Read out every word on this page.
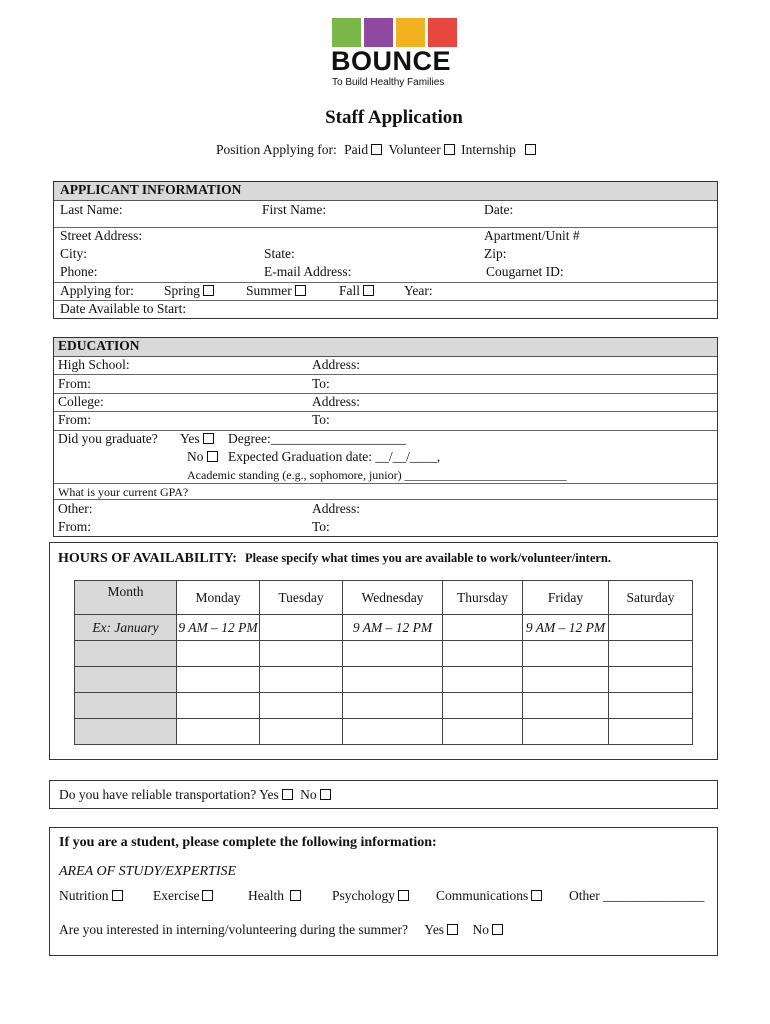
BOUNCE
To Build Healthy Families
Staff Application
Position Applying for: Paid Volunteer Internship
APPLICANT INFORMATION
Last Name:	First Name:	Date:
Street Address:	Apartment/Unit #
City:	State:	Zip:
Phone:	E-mail Address:	Cougarnet ID:
Applying for: Spring	Summer	Fall	Year:
Date Available to Start:
EDUCATION
High School:	Address:
From:	To:
College:	Address:
From:	To:
Did you graduate? Yes	Degree:____________________
No	Expected Graduation date: __/__/____,
Academic standing (e.g., sophomore, junior) ___________________________
What is your current GPA?
Other:	Address:
From:	To:
HOURS OF AVAILABILITY: Please specify what times you are available to work/volunteer/intern.
Month	Monday	Tuesday	Wednesday	Thursday	Friday	Saturday
Ex: January	9 AM – 12 PM		9 AM – 12 PM		9 AM – 12 PM	

Do you have reliable transportation? Yes No
If you are a student, please complete the following information:
AREA OF STUDY/EXPERTISE
Nutrition	Exercise	Health	Psychology	Communications	Other _______________
Are you interested in interning/volunteering during the summer? Yes No
